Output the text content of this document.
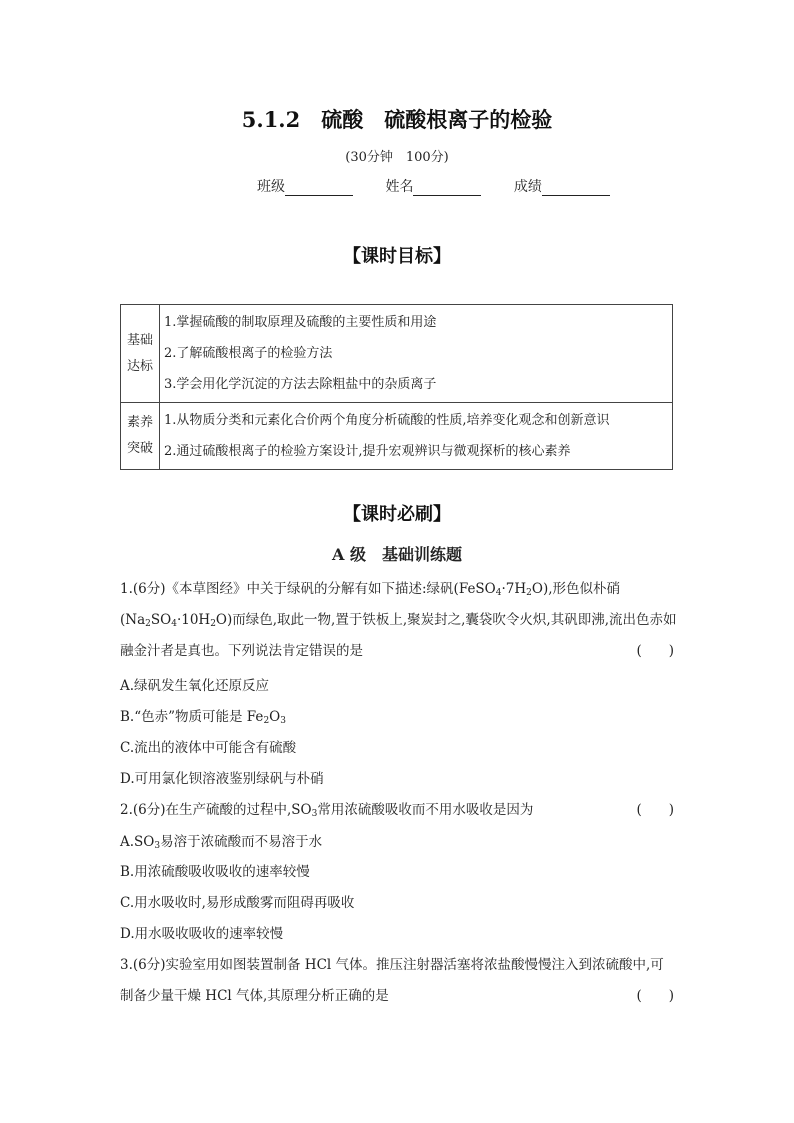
5.1.2　硫酸　硫酸根离子的检验
(30分钟　100分)
班级	姓名	成绩
【课时目标】
基础达标	1.掌握硫酸的制取原理及硫酸的主要性质和用途
2.了解硫酸根离子的检验方法
3.学会用化学沉淀的方法去除粗盐中的杂质离子

素养突破	1.从物质分类和元素化合价两个角度分析硫酸的性质,培养变化观念和创新意识
2.通过硫酸根离子的检验方案设计,提升宏观辨识与微观探析的核心素养
【课时必刷】
A 级　基础训练题
1.(6分)《本草图经》中关于绿矾的分解有如下描述:绿矾$(FeSO_4\cdot 7H_2O)$,形色似朴硝
$(Na_2SO_4\cdot 10H_2O)$而绿色,取此一物,置于铁板上,聚炭封之,囊袋吹令火炽,其矾即沸,流出色赤如
融金汁者是真也。下列说法肯定错误的是	(　　)
A.绿矾发生氧化还原反应
B.“色赤”物质可能是 $Fe_2O_3$
C.流出的液体中可能含有硫酸
D.可用氯化钡溶液鉴别绿矾与朴硝
2.(6分)在生产硫酸的过程中$,SO_3$常用浓硫酸吸收而不用水吸收是因为	(　　)
$A.SO_3$易溶于浓硫酸而不易溶于水
B.用浓硫酸吸收吸收的速率较慢
C.用水吸收时,易形成酸雾而阻碍再吸收
D.用水吸收吸收的速率较慢
3.(6分)实验室用如图装置制备 HCl 气体。推压注射器活塞将浓盐酸慢慢注入到浓硫酸中,可
制备少量干燥 HCl 气体,其原理分析正确的是	(　　)
